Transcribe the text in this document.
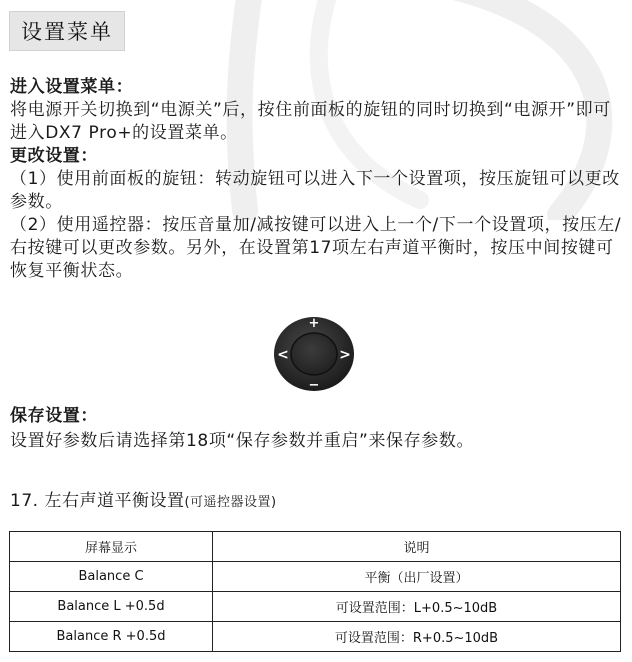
设置菜单

进入设置菜单：

将电源开关切换到“电源关”后，按住前面板的旋钮的同时切换到“电源开”即可进入DX7 Pro+的设置菜单。

更改设置：

（1）使用前面板的旋钮：转动旋钮可以进入下一个设置项，按压旋钮可以更改参数。

（2）使用遥控器：按压音量加/减按键可以进入上一个/下一个设置项，按压左/右按键可以更改参数。另外，在设置第17项左右声道平衡时，按压中间按键可恢复平衡状态。

+
−
<	>

保存设置：

设置好参数后请选择第18项“保存参数并重启”来保存参数。

17. 左右声道平衡设置(可遥控器设置)
屏幕显示	说明
Balance C	平衡（出厂设置）
Balance L +0.5d	可设置范围：L+0.5~10dB
Balance R +0.5d	可设置范围：R+0.5~10dB
